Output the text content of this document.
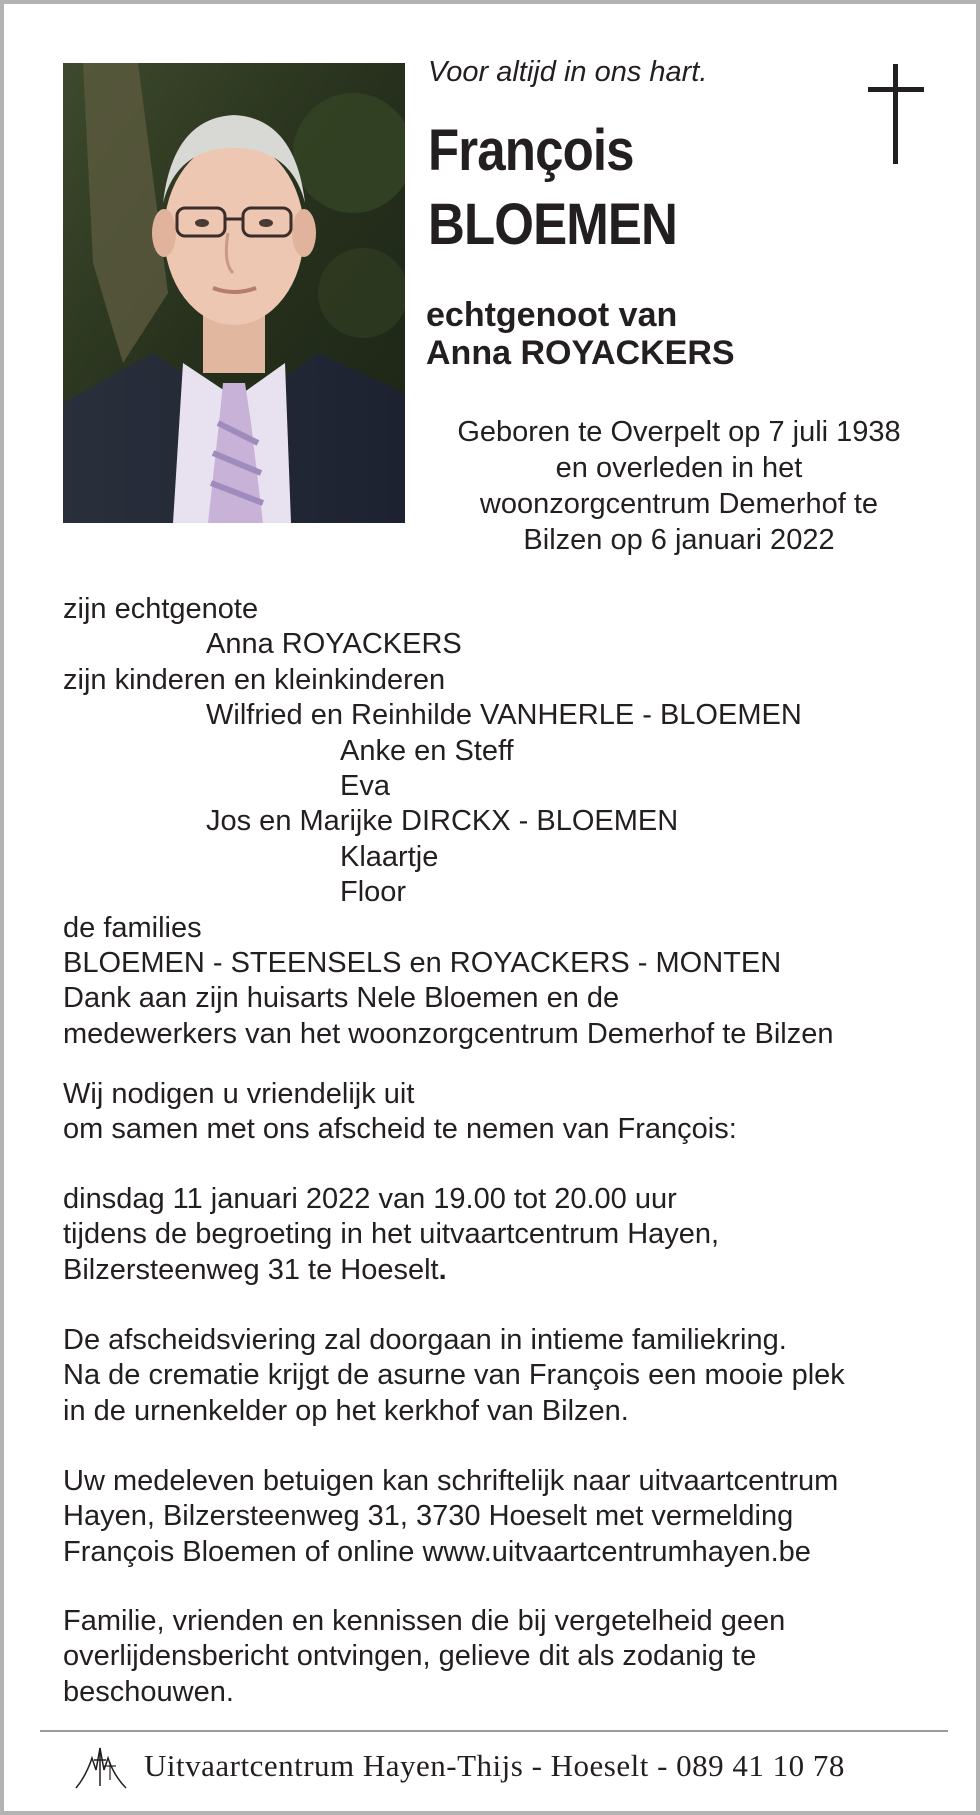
Voor altijd in ons hart.
François
BLOEMEN
echtgenoot van
Anna ROYACKERS
Geboren te Overpelt op 7 juli 1938
en overleden in het
woonzorgcentrum Demerhof te
Bilzen op 6 januari 2022
zijn echtgenote
Anna ROYACKERS
zijn kinderen en kleinkinderen
Wilfried en Reinhilde VANHERLE - BLOEMEN
Anke en Steff
Eva
Jos en Marijke DIRCKX - BLOEMEN
Klaartje
Floor
de families
BLOEMEN - STEENSELS en ROYACKERS - MONTEN
Dank aan zijn huisarts Nele Bloemen en de
medewerkers van het woonzorgcentrum Demerhof te Bilzen
Wij nodigen u vriendelijk uit
om samen met ons afscheid te nemen van François:
dinsdag 11 januari 2022 van 19.00 tot 20.00 uur
tijdens de begroeting in het uitvaartcentrum Hayen,
Bilzersteenweg 31 te Hoeselt.
De afscheidsviering zal doorgaan in intieme familiekring.
Na de crematie krijgt de asurne van François een mooie plek
in de urnenkelder op het kerkhof van Bilzen.
Uw medeleven betuigen kan schriftelijk naar uitvaartcentrum
Hayen, Bilzersteenweg 31, 3730 Hoeselt met vermelding
François Bloemen of online www.uitvaartcentrumhayen.be
Familie, vrienden en kennissen die bij vergetelheid geen
overlijdensbericht ontvingen, gelieve dit als zodanig te
beschouwen.
Uitvaartcentrum Hayen-Thijs - Hoeselt - 089 41 10 78
